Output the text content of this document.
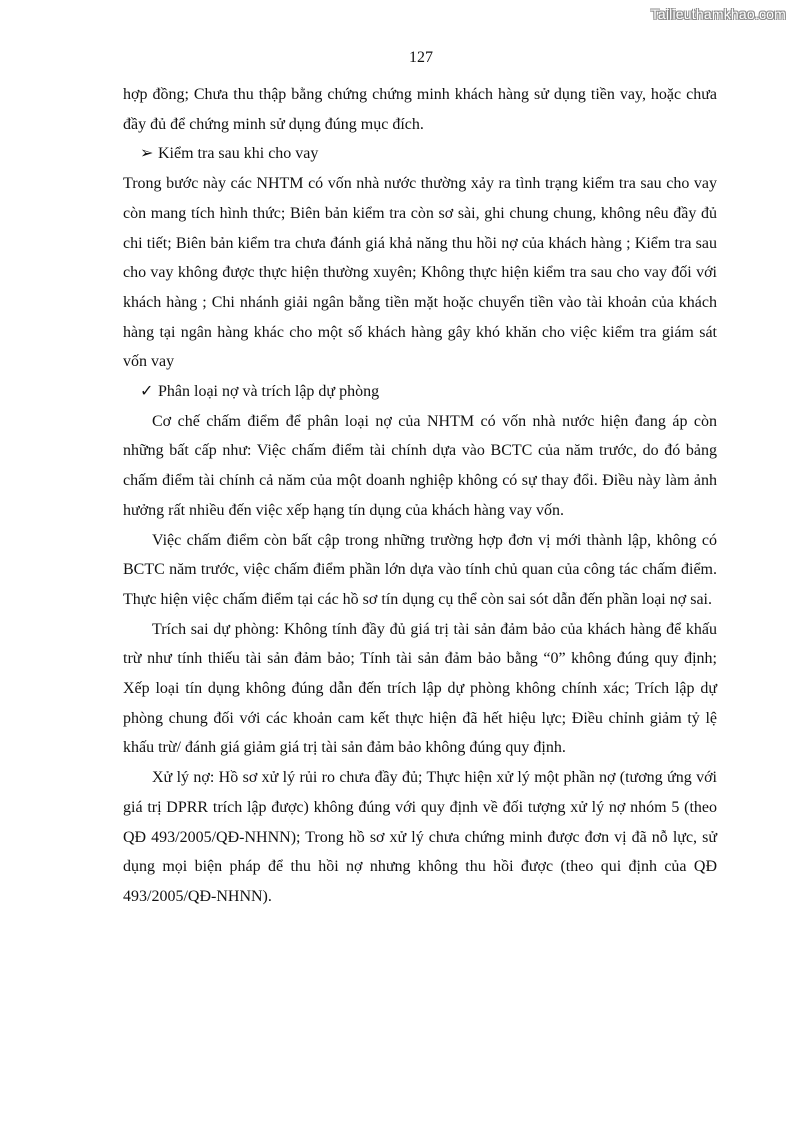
Tailieuthamkhao.com
127

hợp đồng; Chưa thu thập bằng chứng chứng minh khách hàng sử dụng tiền vay, hoặc chưa đầy đủ để chứng minh sử dụng đúng mục đích.

➢ Kiểm tra sau khi cho vay

Trong bước này các NHTM có vốn nhà nước thường xảy ra tình trạng kiểm tra sau cho vay còn mang tích hình thức; Biên bản kiểm tra còn sơ sài, ghi chung chung, không nêu đầy đủ chi tiết; Biên bản kiểm tra chưa đánh giá khả năng thu hồi nợ của khách hàng ; Kiểm tra sau cho vay không được thực hiện thường xuyên; Không thực hiện kiểm tra sau cho vay đối với khách hàng ; Chi nhánh giải ngân bằng tiền mặt hoặc chuyển tiền vào tài khoản của khách hàng tại ngân hàng khác cho một số khách hàng gây khó khăn cho việc kiểm tra giám sát vốn vay

✓ Phân loại nợ và trích lập dự phòng

Cơ chế chấm điểm để phân loại nợ của NHTM có vốn nhà nước hiện đang áp còn những bất cấp như: Việc chấm điểm tài chính dựa vào BCTC của năm trước, do đó bảng chấm điểm tài chính cả năm của một doanh nghiệp không có sự thay đổi. Điều này làm ảnh hưởng rất nhiều đến việc xếp hạng tín dụng của khách hàng vay vốn.

Việc chấm điểm còn bất cập trong những trường hợp đơn vị mới thành lập, không có BCTC năm trước, việc chấm điểm phần lớn dựa vào tính chủ quan của công tác chấm điểm. Thực hiện việc chấm điểm tại các hồ sơ tín dụng cụ thể còn sai sót dẫn đến phần loại nợ sai.

Trích sai dự phòng: Không tính đầy đủ giá trị tài sản đảm bảo của khách hàng để khấu trừ như tính thiếu tài sản đảm bảo; Tính tài sản đảm bảo bằng “0” không đúng quy định; Xếp loại tín dụng không đúng dẫn đến trích lập dự phòng không chính xác; Trích lập dự phòng chung đối với các khoản cam kết thực hiện đã hết hiệu lực; Điều chỉnh giảm tỷ lệ khấu trừ/ đánh giá giảm giá trị tài sản đảm bảo không đúng quy định.

Xử lý nợ: Hồ sơ xử lý rủi ro chưa đầy đủ; Thực hiện xử lý một phần nợ (tương ứng với giá trị DPRR trích lập được) không đúng với quy định về đối tượng xử lý nợ nhóm 5 (theo QĐ 493/2005/QĐ-NHNN); Trong hồ sơ xử lý chưa chứng minh được đơn vị đã nỗ lực, sử dụng mọi biện pháp để thu hồi nợ nhưng không thu hồi được (theo qui định của QĐ 493/2005/QĐ-NHNN).
